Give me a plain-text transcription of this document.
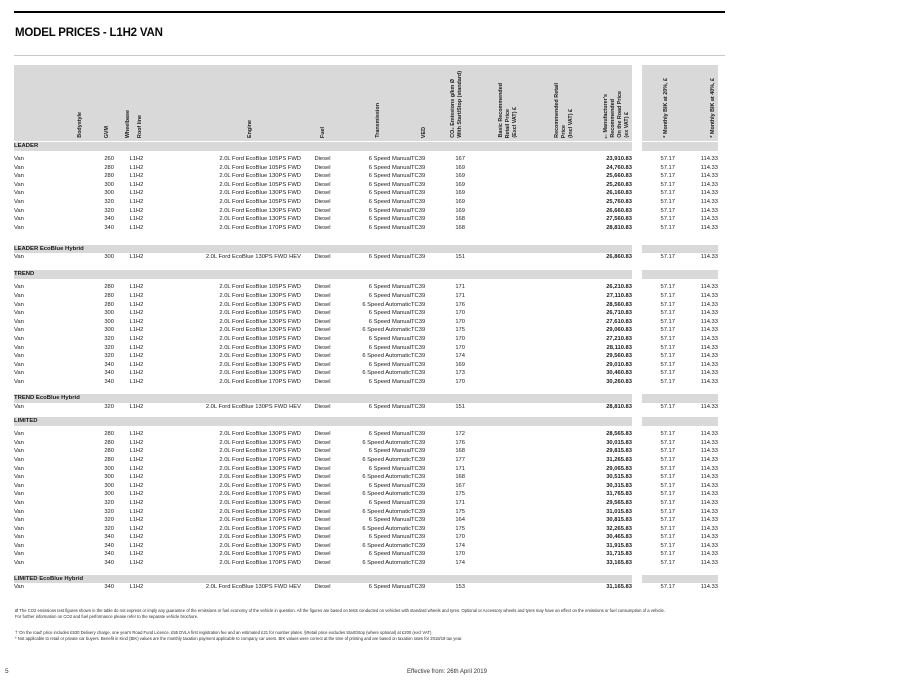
MODEL PRICES - L1H2 VAN
Bodystyle	GVM	Wheelbase	Roof line	Engine	Fuel	Transmission	VED	CO₂ Emissions g/km Ø With Start/Stop (standard)	Basic Recommended Retail Price (Excl VAT) £	Recommended Retail Price (Incl VAT) £	†Manufacturer's Recommended On the Road Price (ex VAT) £		* Monthly BIK at 20%, £	* Monthly BIK at 40%, £

LEADER														

Van	260	L1	H2	2.0L Ford EcoBlue 105PS FWD	Diesel	6 Speed Manual	TC39	167			23,910.83		57.17	114.33
Van	280	L1	H2	2.0L Ford EcoBlue 105PS FWD	Diesel	6 Speed Manual	TC39	169			24,760.83		57.17	114.33
Van	280	L1	H2	2.0L Ford EcoBlue 130PS FWD	Diesel	6 Speed Manual	TC39	169			25,660.83		57.17	114.33
Van	300	L1	H2	2.0L Ford EcoBlue 105PS FWD	Diesel	6 Speed Manual	TC39	169			25,260.83		57.17	114.33
Van	300	L1	H2	2.0L Ford EcoBlue 130PS FWD	Diesel	6 Speed Manual	TC39	169			26,160.83		57.17	114.33
Van	320	L1	H2	2.0L Ford EcoBlue 105PS FWD	Diesel	6 Speed Manual	TC39	169			25,760.83		57.17	114.33
Van	320	L1	H2	2.0L Ford EcoBlue 130PS FWD	Diesel	6 Speed Manual	TC39	169			26,660.83		57.17	114.33
Van	340	L1	H2	2.0L Ford EcoBlue 130PS FWD	Diesel	6 Speed Manual	TC39	168			27,560.83		57.17	114.33
Van	340	L1	H2	2.0L Ford EcoBlue 170PS FWD	Diesel	6 Speed Manual	TC39	168			28,810.83		57.17	114.33

LEADER EcoBlue Hybrid														
Van	300	L1	H2	2.0L Ford EcoBlue 130PS FWD HEV	Diesel	6 Speed Manual	TC39	151			26,860.83		57.17	114.33

TREND														

Van	280	L1	H2	2.0L Ford EcoBlue 105PS FWD	Diesel	6 Speed Manual	TC39	171			26,210.83		57.17	114.33
Van	280	L1	H2	2.0L Ford EcoBlue 130PS FWD	Diesel	6 Speed Manual	TC39	171			27,110.83		57.17	114.33
Van	280	L1	H2	2.0L Ford EcoBlue 130PS FWD	Diesel	6 Speed Automatic	TC39	176			28,560.83		57.17	114.33
Van	300	L1	H2	2.0L Ford EcoBlue 105PS FWD	Diesel	6 Speed Manual	TC39	170			26,710.83		57.17	114.33
Van	300	L1	H2	2.0L Ford EcoBlue 130PS FWD	Diesel	6 Speed Manual	TC39	170			27,610.83		57.17	114.33
Van	300	L1	H2	2.0L Ford EcoBlue 130PS FWD	Diesel	6 Speed Automatic	TC39	175			29,060.83		57.17	114.33
Van	320	L1	H2	2.0L Ford EcoBlue 105PS FWD	Diesel	6 Speed Manual	TC39	170			27,210.83		57.17	114.33
Van	320	L1	H2	2.0L Ford EcoBlue 130PS FWD	Diesel	6 Speed Manual	TC39	170			28,110.83		57.17	114.33
Van	320	L1	H2	2.0L Ford EcoBlue 130PS FWD	Diesel	6 Speed Automatic	TC39	174			29,560.83		57.17	114.33
Van	340	L1	H2	2.0L Ford EcoBlue 130PS FWD	Diesel	6 Speed Manual	TC39	169			29,010.83		57.17	114.33
Van	340	L1	H2	2.0L Ford EcoBlue 130PS FWD	Diesel	6 Speed Automatic	TC39	173			30,460.83		57.17	114.33
Van	340	L1	H2	2.0L Ford EcoBlue 170PS FWD	Diesel	6 Speed Manual	TC39	170			30,260.83		57.17	114.33

TREND EcoBlue Hybrid														
Van	320	L1	H2	2.0L Ford EcoBlue 130PS FWD HEV	Diesel	6 Speed Manual	TC39	151			28,810.83		57.17	114.33

LIMITED														

Van	280	L1	H2	2.0L Ford EcoBlue 130PS FWD	Diesel	6 Speed Manual	TC39	172			28,565.83		57.17	114.33
Van	280	L1	H2	2.0L Ford EcoBlue 130PS FWD	Diesel	6 Speed Automatic	TC39	176			30,015.83		57.17	114.33
Van	280	L1	H2	2.0L Ford EcoBlue 170PS FWD	Diesel	6 Speed Manual	TC39	168			29,815.83		57.17	114.33
Van	280	L1	H2	2.0L Ford EcoBlue 170PS FWD	Diesel	6 Speed Automatic	TC39	177			31,265.83		57.17	114.33
Van	300	L1	H2	2.0L Ford EcoBlue 130PS FWD	Diesel	6 Speed Manual	TC39	171			29,065.83		57.17	114.33
Van	300	L1	H2	2.0L Ford EcoBlue 130PS FWD	Diesel	6 Speed Automatic	TC39	168			30,515.83		57.17	114.33
Van	300	L1	H2	2.0L Ford EcoBlue 170PS FWD	Diesel	6 Speed Manual	TC39	167			30,315.83		57.17	114.33
Van	300	L1	H2	2.0L Ford EcoBlue 170PS FWD	Diesel	6 Speed Automatic	TC39	175			31,765.83		57.17	114.33
Van	320	L1	H2	2.0L Ford EcoBlue 130PS FWD	Diesel	6 Speed Manual	TC39	171			29,565.83		57.17	114.33
Van	320	L1	H2	2.0L Ford EcoBlue 130PS FWD	Diesel	6 Speed Automatic	TC39	175			31,015.83		57.17	114.33
Van	320	L1	H2	2.0L Ford EcoBlue 170PS FWD	Diesel	6 Speed Manual	TC39	164			30,815.83		57.17	114.33
Van	320	L1	H2	2.0L Ford EcoBlue 170PS FWD	Diesel	6 Speed Automatic	TC39	175			32,265.83		57.17	114.33
Van	340	L1	H2	2.0L Ford EcoBlue 130PS FWD	Diesel	6 Speed Manual	TC39	170			30,465.83		57.17	114.33
Van	340	L1	H2	2.0L Ford EcoBlue 130PS FWD	Diesel	6 Speed Automatic	TC39	174			31,915.83		57.17	114.33
Van	340	L1	H2	2.0L Ford EcoBlue 170PS FWD	Diesel	6 Speed Manual	TC39	170			31,715.83		57.17	114.33
Van	340	L1	H2	2.0L Ford EcoBlue 170PS FWD	Diesel	6 Speed Automatic	TC39	174			33,165.83		57.17	114.33

LIMITED EcoBlue Hybrid														
Van	340	L1	H2	2.0L Ford EcoBlue 130PS FWD HEV	Diesel	6 Speed Manual	TC39	153			31,165.83		57.17	114.33
Ø The CO2 emissions test figures shown in the table do not express or imply any guarantee of the emissions or fuel economy of the vehicle in question. All the figures are based on tests conducted on vehicles with standard wheels and tyres. Optional or Accessory wheels and tyres may have an effect on the emissions or fuel consumption of a vehicle.
For further information on CO2 and fuel performance please refer to the separate vehicle brochure.
† 'On the road' price includes £530 Delivery charge, one year's Road Fund Licence, £55 DVLA first registration fee and an estimated £21 for number plates. §Retail price excludes Start/Stop (where optional) at £200 (excl VAT)
* Not applicable to retail or private car buyers. Benefit in Kind (BIK) values are the monthly taxation payment applicable to company car users. BIK values were correct at the time of printing and are based on taxation rates for 2018/19 tax year.
5	Effective from: 26th April 2019
